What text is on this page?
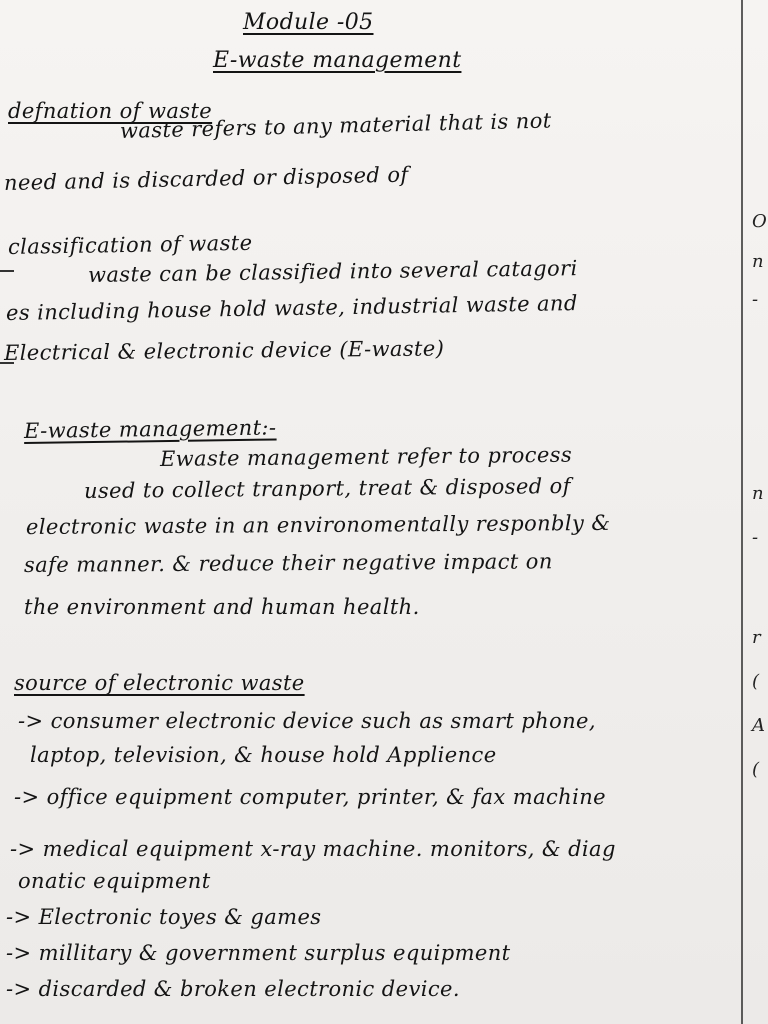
Module -05
E-waste management
defnation of waste
waste refers to any material that is not
need and is discarded or disposed of
classification of waste
waste can be classified into several catagori
es including house hold waste, industrial waste and
Electrical & electronic device (E-waste)
E-waste management:-
Ewaste management refer to process
used to collect tranport, treat & disposed of
electronic waste in an environomentally responbly &
safe manner. & reduce their negative impact on
the environment and human health.
source of electronic waste
-> consumer electronic device such as smart phone,
laptop, television, & house hold Applience
-> office equipment computer, printer, & fax machine
-> medical equipment x-ray machine. monitors, & diag
onatic equipment
-> Electronic toyes & games
-> millitary & government surplus equipment
-> discarded & broken electronic device.
O
n
-
n
-
r
(
A
(
